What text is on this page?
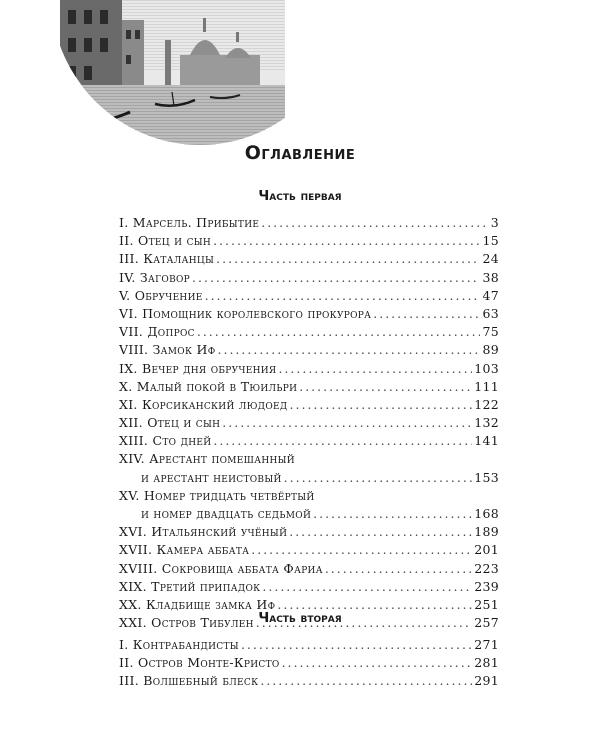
Оглавление
Часть первая
I. Марсель. Прибытие .....	3
II. Отец и сын .....	15
III. Каталанцы .....	24
IV. Заговор .....	38
V. Обручение .....	47
VI. Помощник королевского прокурора .....	63
VII. Допрос .....	75
VIII. Замок Иф .....	89
IX. Вечер дня обручения .....	103
X. Малый покой в Тюильри .....	111
XI. Корсиканский людоед .....	122
XII. Отец и сын .....	132
XIII. Сто дней .....	141
XIV. Арестант помешанный
и арестант неистовый .....	153
XV. Номер тридцать четвёртый
и номер двадцать седьмой .....	168
XVI. Итальянский учёный .....	189
XVII. Камера аббата .....	201
XVIII. Сокровища аббата Фариа .....	223
XIX. Третий припадок .....	239
XX. Кладбище замка Иф .....	251
XXI. Остров Тибулен .....	257
Часть вторая
I. Контрабандисты .....	271
II. Остров Монте-Кристо .....	281
III. Волшебный блеск .....	291
